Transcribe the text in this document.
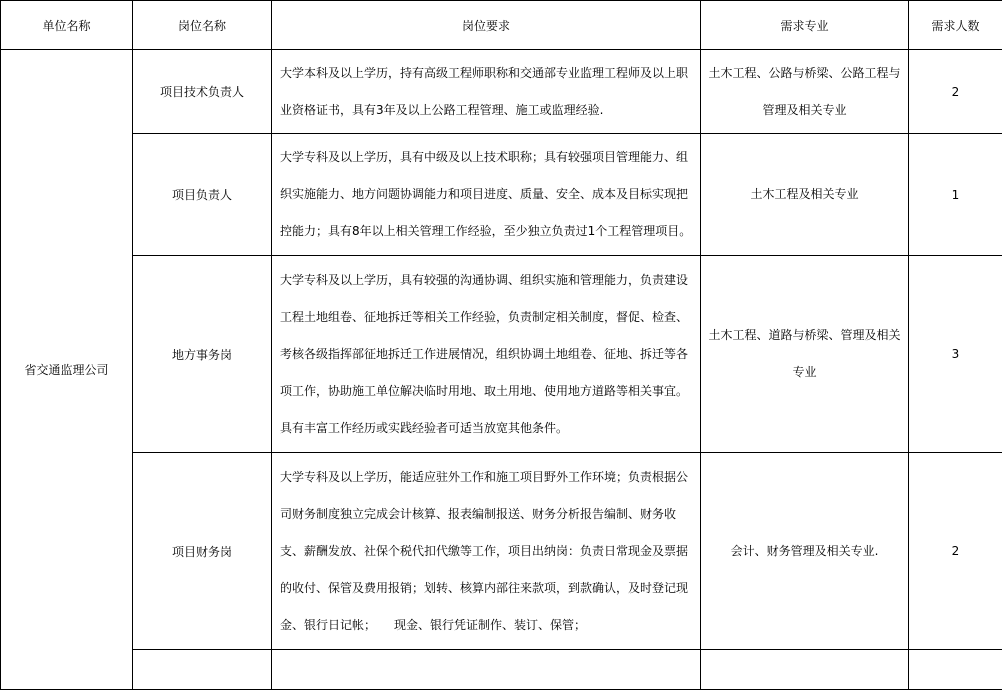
单位名称	岗位名称	岗位要求	需求专业	需求人数
省交通监理公司	项目技术负责人	大学本科及以上学历，持有高级工程师职称和交通部专业监理工程师及以上职业资格证书，具有3年及以上公路工程管理、施工或监理经验.	土木工程、公路与桥梁、公路工程与管理及相关专业	2
	项目负责人	大学专科及以上学历，具有中级及以上技术职称；具有较强项目管理能力、组织实施能力、地方问题协调能力和项目进度、质量、安全、成本及目标实现把控能力；具有8年以上相关管理工作经验，至少独立负责过1个工程管理项目。	土木工程及相关专业	1
	地方事务岗	大学专科及以上学历，具有较强的沟通协调、组织实施和管理能力，负责建设工程土地组卷、征地拆迁等相关工作经验，负责制定相关制度，督促、检查、考核各级指挥部征地拆迁工作进展情况，组织协调土地组卷、征地、拆迁等各项工作，协助施工单位解决临时用地、取土用地、使用地方道路等相关事宜。具有丰富工作经历或实践经验者可适当放宽其他条件。	土木工程、道路与桥梁、管理及相关专业	3
	项目财务岗	大学专科及以上学历，能适应驻外工作和施工项目野外工作环境；负责根据公司财务制度独立完成会计核算、报表编制报送、财务分析报告编制、财务收支、薪酬发放、社保个税代扣代缴等工作，项目出纳岗：负责日常现金及票据的收付、保管及费用报销；划转、核算内部往来款项，到款确认，及时登记现金、银行日记帐；　　现金、银行凭证制作、装订、保管；	会计、财务管理及相关专业.	2
